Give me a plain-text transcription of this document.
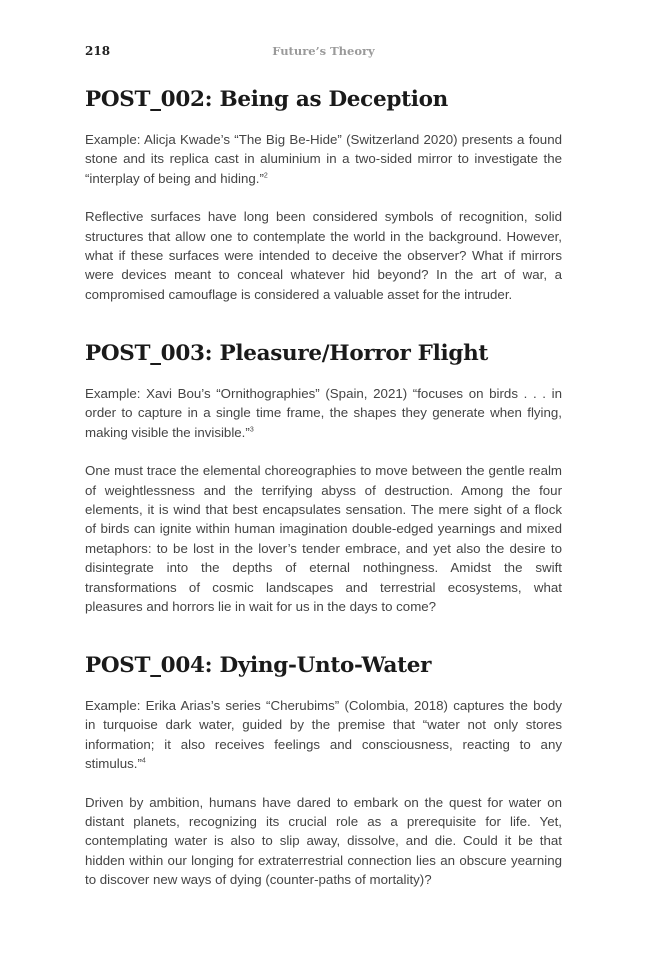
218	Future’s Theory
POST_002: Being as Deception

Example: Alicja Kwade’s “The Big Be-Hide” (Switzerland 2020) presents a found stone and its replica cast in aluminium in a two-sided mirror to investigate the “interplay of being and hiding.”$^2$

Reflective surfaces have long been considered symbols of recognition, solid structures that allow one to contemplate the world in the background. However, what if these surfaces were intended to deceive the observer? What if mirrors were devices meant to conceal whatever hid beyond? In the art of war, a compromised camouflage is considered a valuable asset for the intruder.

POST_003: Pleasure/Horror Flight

Example: Xavi Bou’s “Ornithographies” (Spain, 2021) “focuses on birds . . . in order to capture in a single time frame, the shapes they generate when flying, making visible the invisible.”$^3$

One must trace the elemental choreographies to move between the gentle realm of weightlessness and the terrifying abyss of destruction. Among the four elements, it is wind that best encapsulates sensation. The mere sight of a flock of birds can ignite within human imagination double-edged yearnings and mixed metaphors: to be lost in the lover’s tender embrace, and yet also the desire to disintegrate into the depths of eternal nothingness. Amidst the swift transformations of cosmic landscapes and terrestrial ecosystems, what pleasures and horrors lie in wait for us in the days to come?

POST_004: Dying-Unto-Water

Example: Erika Arias’s series “Cherubims” (Colombia, 2018) captures the body in turquoise dark water, guided by the premise that “water not only stores information; it also receives feelings and consciousness, reacting to any stimulus.”$^4$

Driven by ambition, humans have dared to embark on the quest for water on distant planets, recognizing its crucial role as a prerequisite for life. Yet, contemplating water is also to slip away, dissolve, and die. Could it be that hidden within our longing for extraterrestrial connection lies an obscure yearning to discover new ways of dying (counter-paths of mortality)?
